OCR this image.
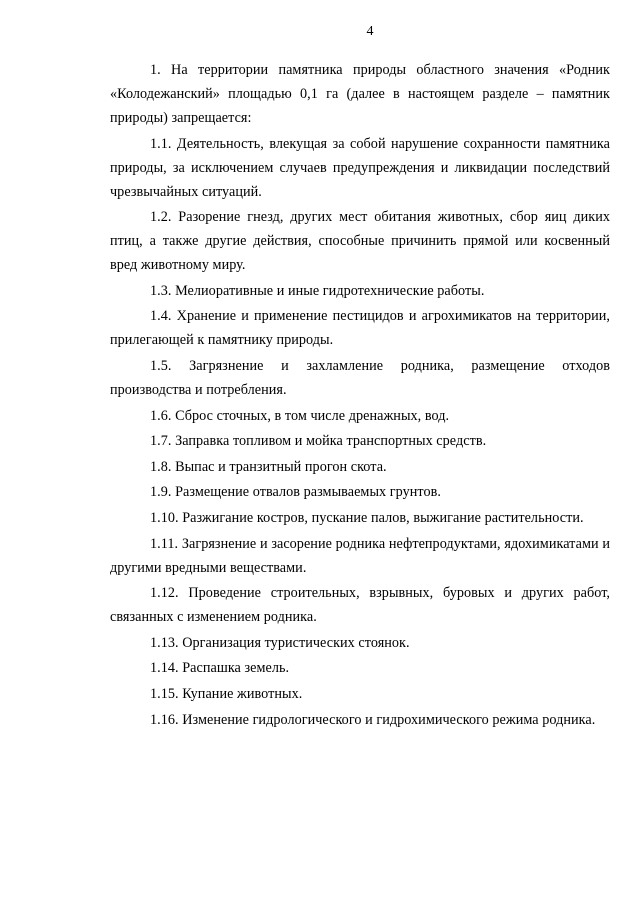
4

1. На территории памятника природы областного значения «Родник «Колодежанский» площадью 0,1 га (далее в настоящем разделе – памятник природы) запрещается:

1.1. Деятельность, влекущая за собой нарушение сохранности памятника природы, за исключением случаев предупреждения и ликвидации последствий чрезвычайных ситуаций.

1.2. Разорение гнезд, других мест обитания животных, сбор яиц диких птиц, а также другие действия, способные причинить прямой или косвенный вред животному миру.

1.3. Мелиоративные и иные гидротехнические работы.

1.4. Хранение и применение пестицидов и агрохимикатов на территории, прилегающей к памятнику природы.

1.5. Загрязнение и захламление родника, размещение отходов производства и потребления.

1.6. Сброс сточных, в том числе дренажных, вод.

1.7. Заправка топливом и мойка транспортных средств.

1.8. Выпас и транзитный прогон скота.

1.9. Размещение отвалов размываемых грунтов.

1.10. Разжигание костров, пускание палов, выжигание растительности.

1.11. Загрязнение и засорение родника нефтепродуктами, ядохимикатами и другими вредными веществами.

1.12. Проведение строительных, взрывных, буровых и других работ, связанных с изменением родника.

1.13. Организация туристических стоянок.

1.14. Распашка земель.

1.15. Купание животных.

1.16. Изменение гидрологического и гидрохимического режима родника.
